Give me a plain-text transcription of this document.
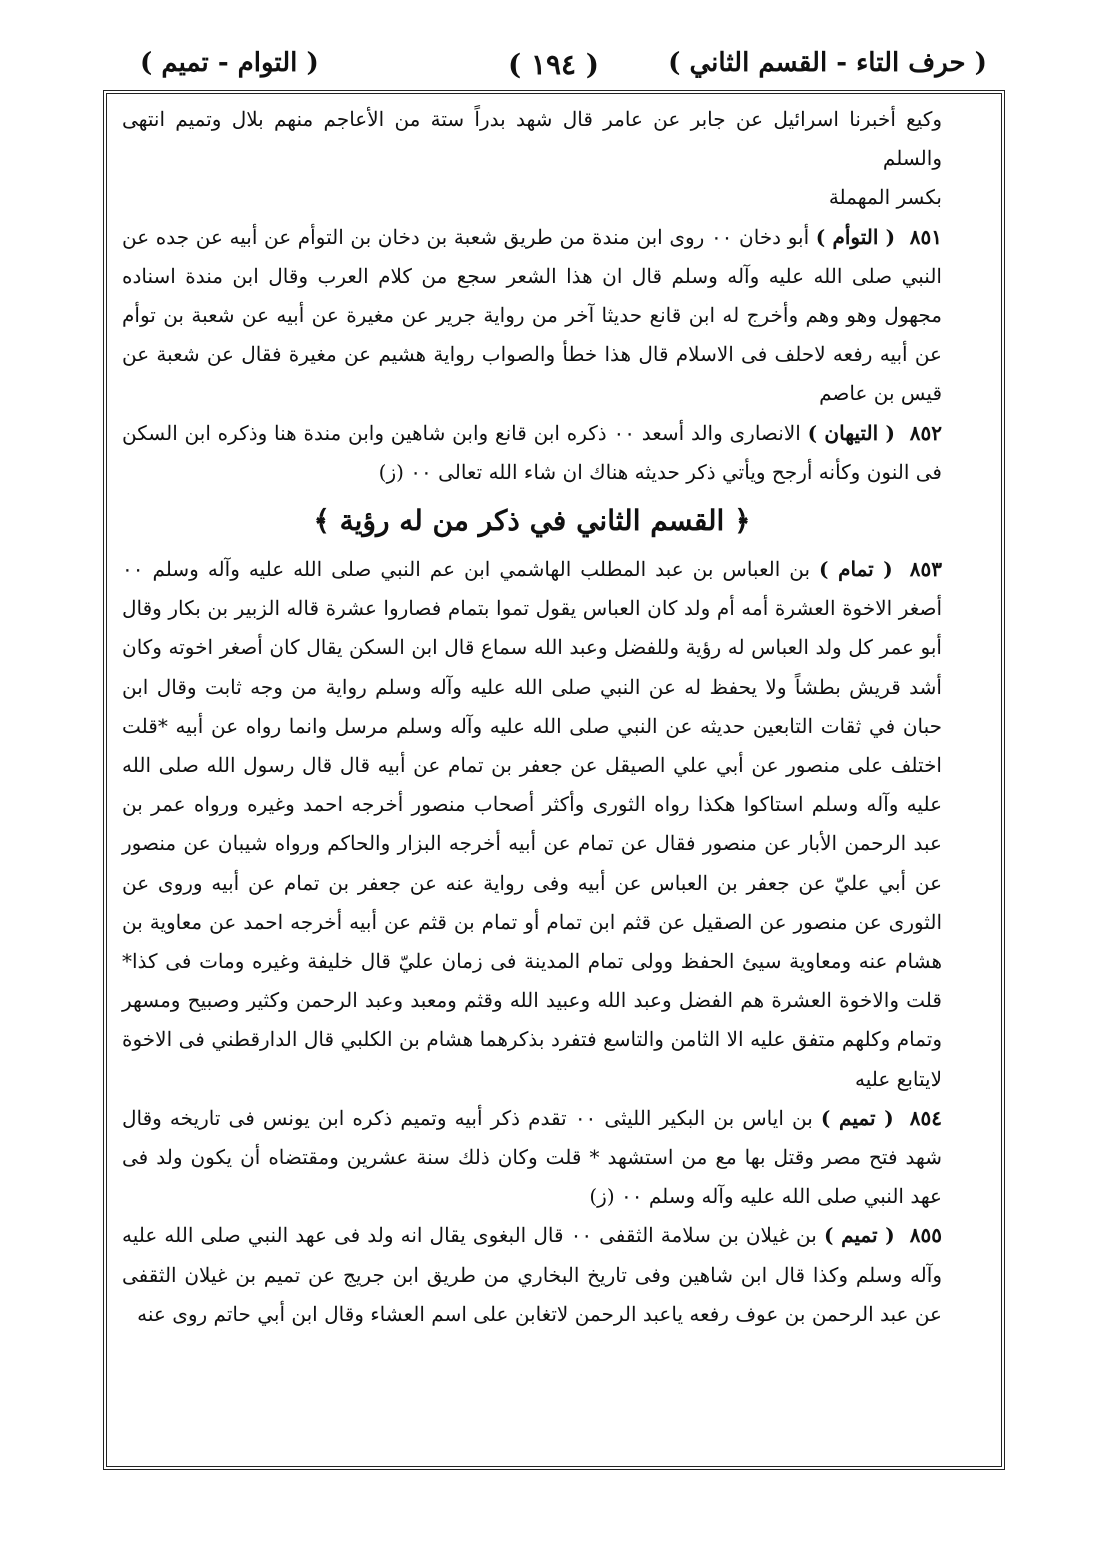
( حرف التاء - القسم الثاني )
( ١٩٤ )
( التوام - تميم )

وكيع أخبرنا اسرائيل عن جابر عن عامر قال شهد بدراً ستة من الأعاجم منهم بلال وتميم انتهى والسلم

بكسر المهملة

٨٥١ ( التوأم ) أبو دخان ٠٠ روى ابن مندة من طريق شعبة بن دخان بن التوأم عن أبيه عن جده عن النبي صلى الله عليه وآله وسلم قال ان هذا الشعر سجع من كلام العرب وقال ابن مندة اسناده مجهول وهو وهم وأخرج له ابن قانع حديثا آخر من رواية جرير عن مغيرة عن أبيه عن شعبة بن توأم عن أبيه رفعه لاحلف فى الاسلام قال هذا خطأ والصواب رواية هشيم عن مغيرة فقال عن شعبة عن قيس بن عاصم

٨٥٢ ( التيهان ) الانصارى والد أسعد ٠٠ ذكره ابن قانع وابن شاهين وابن مندة هنا وذكره ابن السكن فى النون وكأنه أرجح ويأتي ذكر حديثه هناك ان شاء الله تعالى ٠٠ (ز)

﴿ القسم الثاني في ذكر من له رؤية ﴾

٨٥٣ ( تمام ) بن العباس بن عبد المطلب الهاشمي ابن عم النبي صلى الله عليه وآله وسلم ٠٠ أصغر الاخوة العشرة أمه أم ولد كان العباس يقول تموا بتمام فصاروا عشرة قاله الزبير بن بكار وقال أبو عمر كل ولد العباس له رؤية وللفضل وعبد الله سماع قال ابن السكن يقال كان أصغر اخوته وكان أشد قريش بطشاً ولا يحفظ له عن النبي صلى الله عليه وآله وسلم رواية من وجه ثابت وقال ابن حبان في ثقات التابعين حديثه عن النبي صلى الله عليه وآله وسلم مرسل وانما رواه عن أبيه *قلت اختلف على منصور عن أبي علي الصيقل عن جعفر بن تمام عن أبيه قال قال رسول الله صلى الله عليه وآله وسلم استاكوا هكذا رواه الثورى وأكثر أصحاب منصور أخرجه احمد وغيره ورواه عمر بن عبد الرحمن الأبار عن منصور فقال عن تمام عن أبيه أخرجه البزار والحاكم ورواه شيبان عن منصور عن أبي عليّ عن جعفر بن العباس عن أبيه وفى رواية عنه عن جعفر بن تمام عن أبيه وروى عن الثورى عن منصور عن الصقيل عن قثم ابن تمام أو تمام بن قثم عن أبيه أخرجه احمد عن معاوية بن هشام عنه ومعاوية سيئ الحفظ وولى تمام المدينة فى زمان عليّ قال خليفة وغيره ومات فى كذا* قلت والاخوة العشرة هم الفضل وعبد الله وعبيد الله وقثم ومعبد وعبد الرحمن وكثير وصبيح ومسهر وتمام وكلهم متفق عليه الا الثامن والتاسع فتفرد بذكرهما هشام بن الكلبي قال الدارقطني فى الاخوة لايتابع عليه

٨٥٤ ( تميم ) بن اياس بن البكير الليثى ٠٠ تقدم ذكر أبيه وتميم ذكره ابن يونس فى تاريخه وقال شهد فتح مصر وقتل بها مع من استشهد * قلت وكان ذلك سنة عشرين ومقتضاه أن يكون ولد فى عهد النبي صلى الله عليه وآله وسلم ٠٠ (ز)

٨٥٥ ( تميم ) بن غيلان بن سلامة الثقفى ٠٠ قال البغوى يقال انه ولد فى عهد النبي صلى الله عليه وآله وسلم وكذا قال ابن شاهين وفى تاريخ البخاري من طريق ابن جريج عن تميم بن غيلان الثقفى عن عبد الرحمن بن عوف رفعه ياعبد الرحمن لاتغابن على اسم العشاء وقال ابن أبي حاتم روى عنه
